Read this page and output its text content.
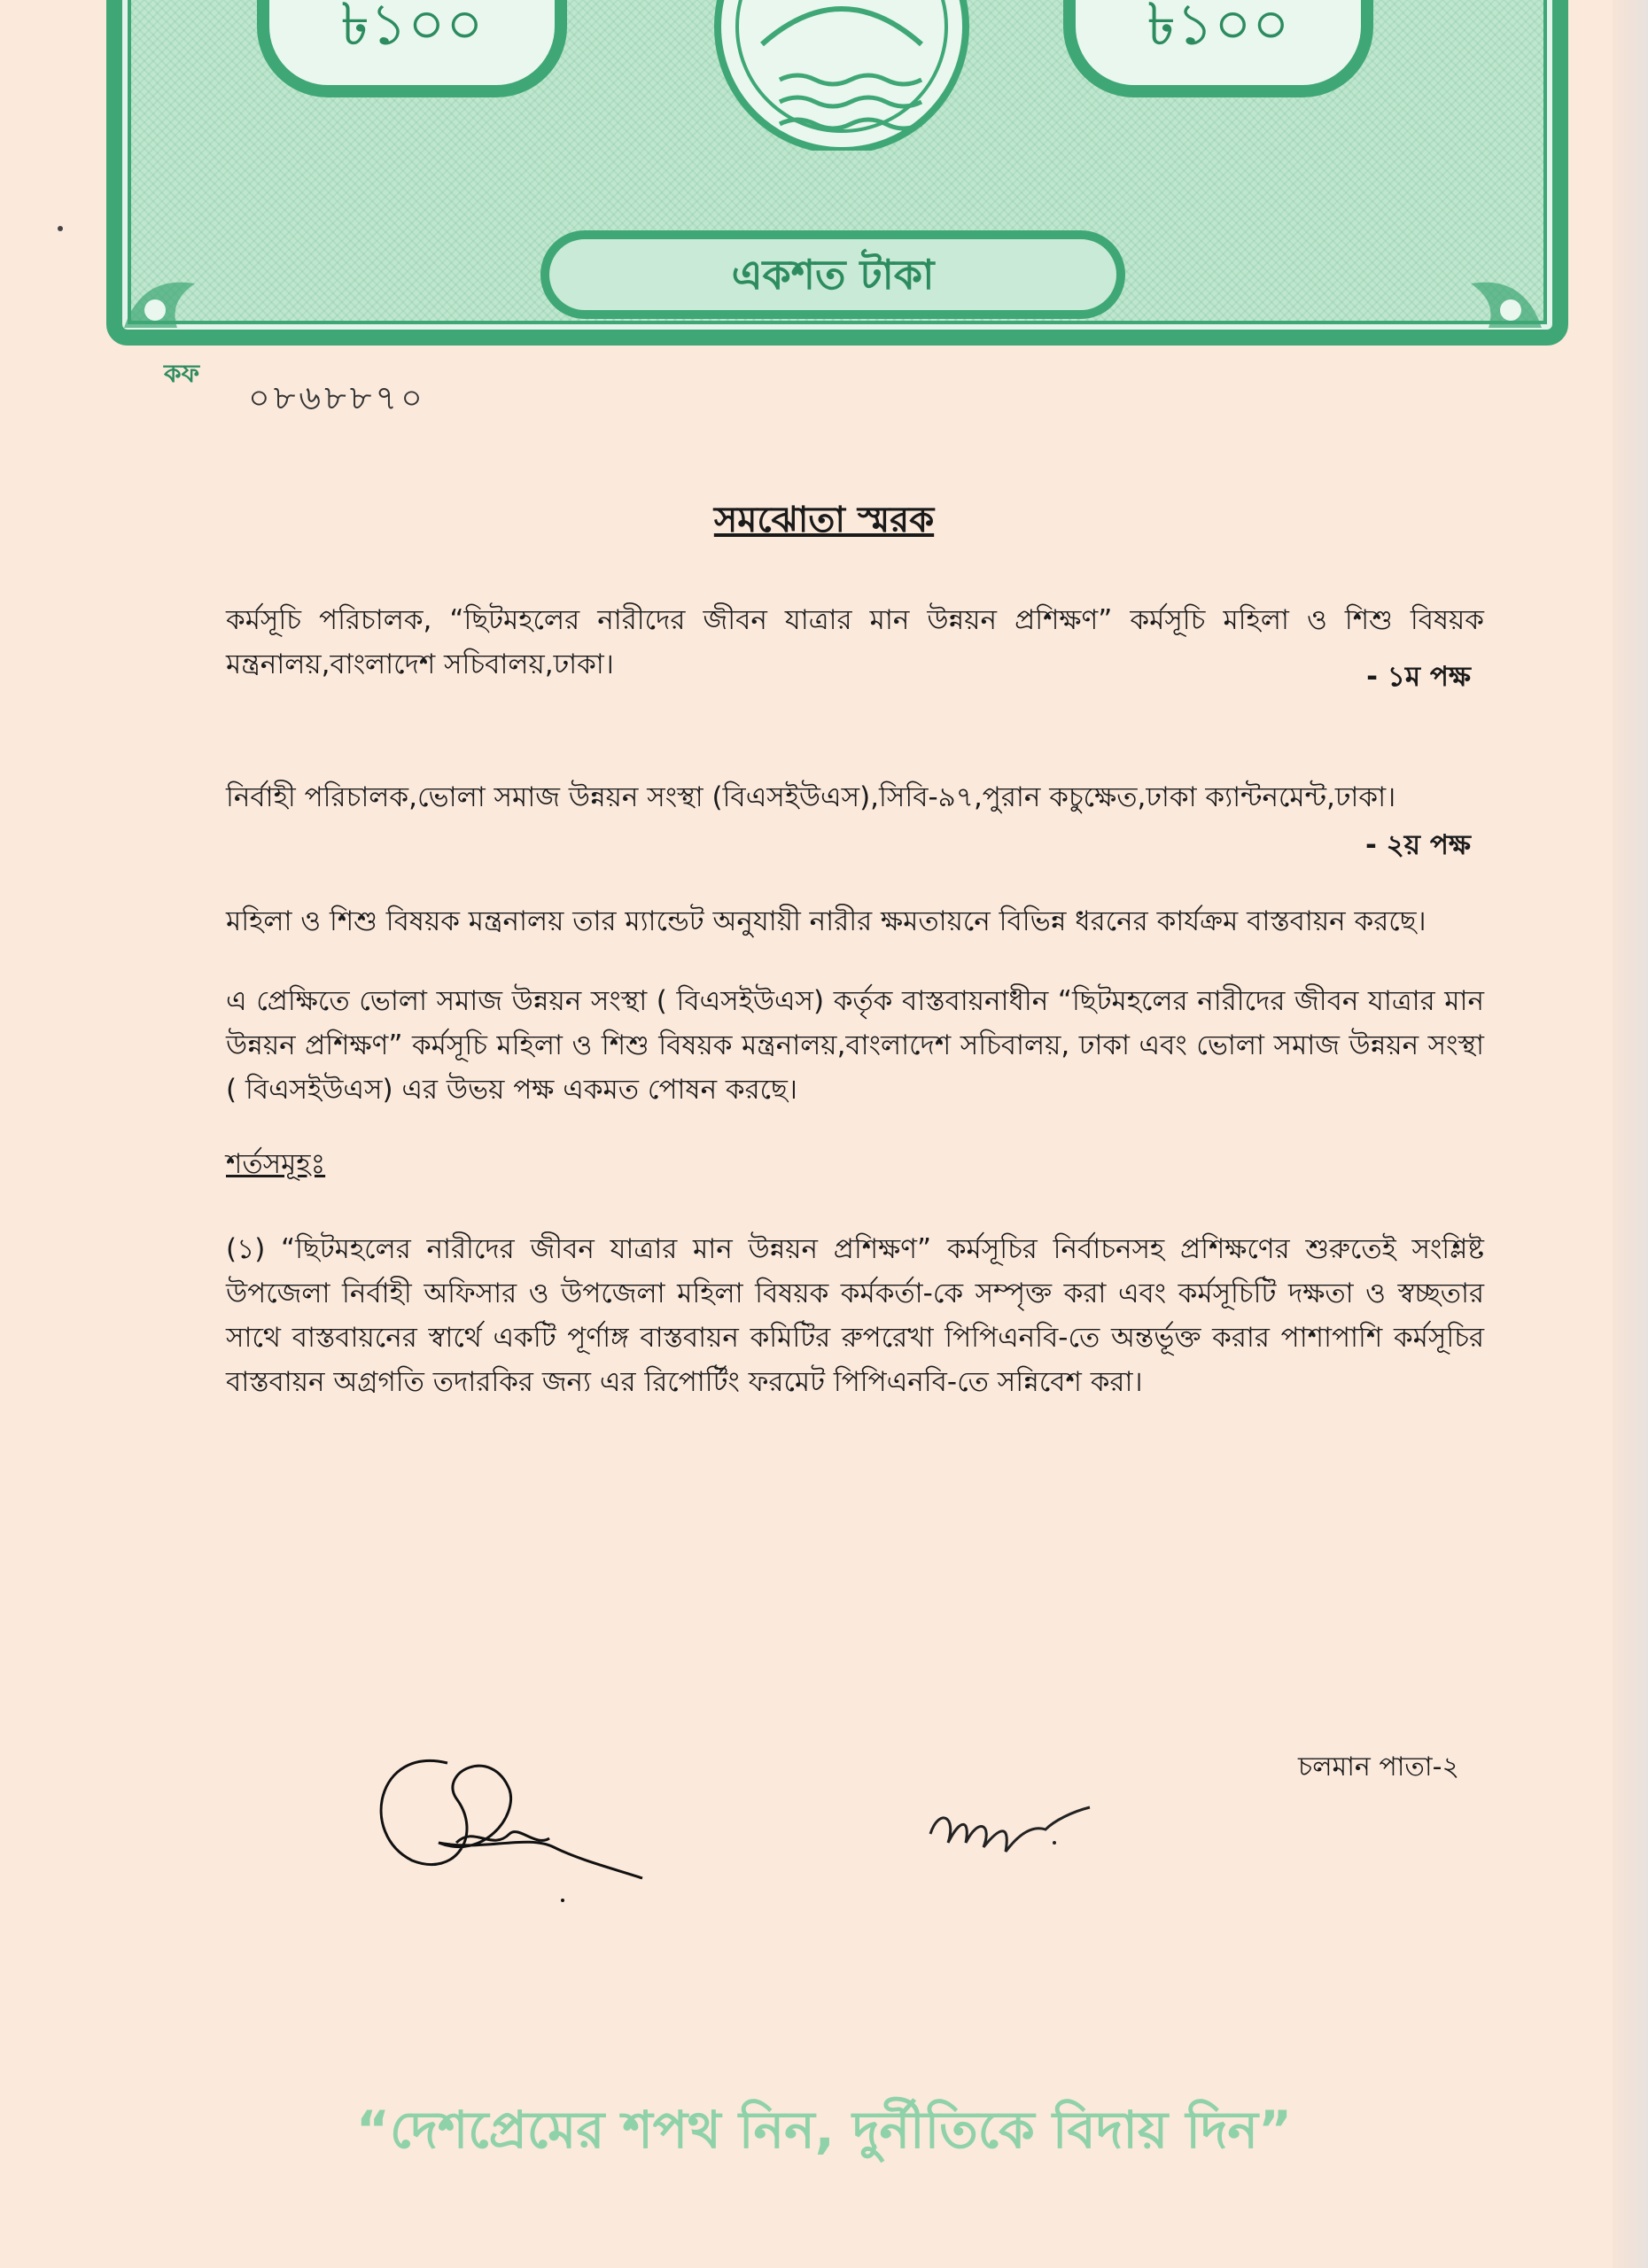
৳১০০	৳১০০
একশত টাকা
কফ
০৮৬৮৮৭০
সমঝোতা স্মরক
কর্মসূচি পরিচালক, “ছিটমহলের নারীদের জীবন যাত্রার মান উন্নয়ন প্রশিক্ষণ” কর্মসূচি মহিলা ও শিশু বিষয়ক মন্ত্রনালয়,বাংলাদেশ সচিবালয়,ঢাকা।	- ১ম পক্ষ
নির্বাহী পরিচালক,ভোলা সমাজ উন্নয়ন সংস্থা (বিএসইউএস),সিবি-৯৭,পুরান কচুক্ষেত,ঢাকা ক্যান্টনমেন্ট,ঢাকা।
- ২য় পক্ষ
মহিলা ও শিশু বিষয়ক মন্ত্রনালয় তার ম্যান্ডেট অনুযায়ী নারীর ক্ষমতায়নে বিভিন্ন ধরনের কার্যক্রম বাস্তবায়ন করছে।
এ প্রেক্ষিতে ভোলা সমাজ উন্নয়ন সংস্থা ( বিএসইউএস) কর্তৃক বাস্তবায়নাধীন “ছিটমহলের নারীদের জীবন যাত্রার মান উন্নয়ন প্রশিক্ষণ” কর্মসূচি মহিলা ও শিশু বিষয়ক মন্ত্রনালয়,বাংলাদেশ সচিবালয়, ঢাকা এবং ভোলা সমাজ উন্নয়ন সংস্থা ( বিএসইউএস) এর উভয় পক্ষ একমত পোষন করছে।
শর্তসমূহঃ
(১) “ছিটমহলের নারীদের জীবন যাত্রার মান উন্নয়ন প্রশিক্ষণ” কর্মসূচির নির্বাচনসহ প্রশিক্ষণের শুরুতেই সংশ্লিষ্ট উপজেলা নির্বাহী অফিসার ও উপজেলা মহিলা বিষয়ক কর্মকর্তা-কে সম্পৃক্ত করা এবং কর্মসূচিটি দক্ষতা ও স্বচ্ছতার সাথে বাস্তবায়নের স্বার্থে একটি পূর্ণাঙ্গ বাস্তবায়ন কমিটির রুপরেখা পিপিএনবি-তে অন্তর্ভূক্ত করার পাশাপাশি কর্মসূচির বাস্তবায়ন অগ্রগতি তদারকির জন্য এর রিপোর্টিং ফরমেট পিপিএনবি-তে সন্নিবেশ করা।
চলমান পাতা-২
“দেশপ্রেমের শপথ নিন, দুর্নীতিকে বিদায় দিন”
